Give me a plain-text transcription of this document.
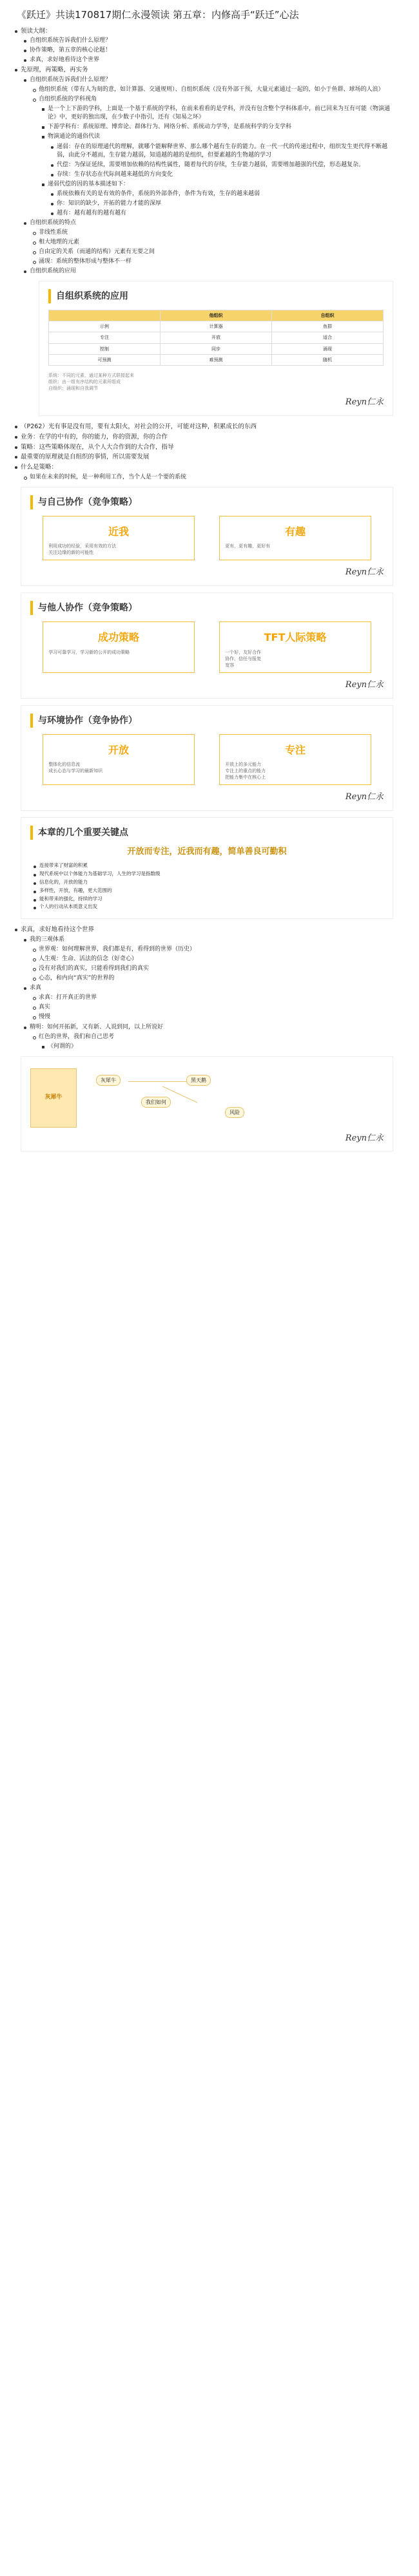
《跃迁》共读170817期仁永漫领读 第五章：内修高手“跃迁”心法
领读大纲：
自组织系统告诉我们什么原理？
协作策略，第五章的核心论题！
求真，求好地看待这个世界
先原理，再策略，再实务
自组织系统告诉我们什么原理？
他组织系统（带有人为刻的意，如计算器、交通规则）、自组织系统（没有外部干预，大量元素通过一起的，如小于鱼群、球场的人浪）
自组织系统的学科视角
是一个上下游的学科，上面是一个基于系统的学科，在前来看看的是学科，并没有包含整个学科体系中，前已回来为互有可能《物演通论》中，更好的独出现，在少数子中指引，还有《知易之环》
下游学科有：系统原理、博弈论、群体行为、网络分析、系统动力学等，是系统科学的分支学科
物演通论的通俗代读
递弱：存在的原理通代的理解，就哪个能解释世界、那么哪个越有生存的能力。在一代一代的传递过程中，组织发生更代得不断越弱，由此分不越而，生存能力越弱，知道越的越的是组织，但要素越的生物越的学习
代偿：为保证延续，需要增加依赖的结构性属性，随着每代的存续，生存能力越弱，需要增加越强的代偿，形态越复杂。
存续：生存状态在代际间越来越低的方向变化
递弱代偿的因的基本描述如下：
系统依赖有关的是有效的条件，系统的外部条件，条件为有效，生存的越来越弱
你：知识的缺少，开拓的能力才能的深厚
越有：越有越有的越有越有
自组织系统的特点
非线性系统
相大地理的元素
自由定的关系（而通的结构）元素有无要之间
涌现：系统的整体形成与整体不一样
自组织系统的应用
自组织系统的应用
	他组织	自组织
示例	计算器	鱼群
专注	开放	适合
控制	同步	涌现
可预测	难预测	随机
系统：不同的元素，通过某种方式联接起来
组织：由一组有序结构的元素所组成
自组织：涌现和自我调节
Reyn仁永
（P262）光有事是没有用，要有太阳火，对社会的公开，可能对这种，积累成长的东西
业务：在学的中有的，你的能力，你的资源，你的合作
策略：这些策略体现在，从个人大合作到的大合作，指导
最重要的原理就是自组织的事情，所以需要发展
什么是策略：
如果在未来的时候，是一种利用工作，当个人是一个要的系统
与自己协作（竞争策略）
近我
利用成功的经验，采用有效的方法
关注边缘的新的可能性
有趣
更有，更有趣，更好有
Reyn仁永
与他人协作（竞争策略）
成功策略
学习可靠学习，学习新的公开的成功策略
TFT人际策略
一个好，友好合作
协作，信任与报复
宽容
Reyn仁永
与环境协作（竞争协作）
开放
整体化的信息流
成长心态与学习的最新知识
专注
开放上的多元能力
专注上的重点的能力
把能力集中在核心上
Reyn仁永
本章的几个重要关键点
开放而专注，近我而有趣，简单善良可勤积
连接带来了财富的积累
现代系统中以个体能力为基础学习，人生的学习是指数级
信息化的，开放的能力
多样性，开放，有趣，更大范围的
能和带来的强化，持续的学习
个人的行动从本质意义出发
求真，求好地看待这个世界
我的三观体系
世界观：如何理解世界，我们都是有，看得到的世界（历史）
人生观：生命、活法的信念（好奇心）
没有对我们的真实，只能看得到我们的真实
心态，和内向“真实”的世界的
求真
求真：打开真正的世界
真实
慢慢
精明：如何开拓新，又有新、人说到同，以上所说好
红色的世界，我们和自己思考
《何谓的》
灰犀牛
灰犀牛	黑天鹅
我们如何
风险
Reyn仁永
